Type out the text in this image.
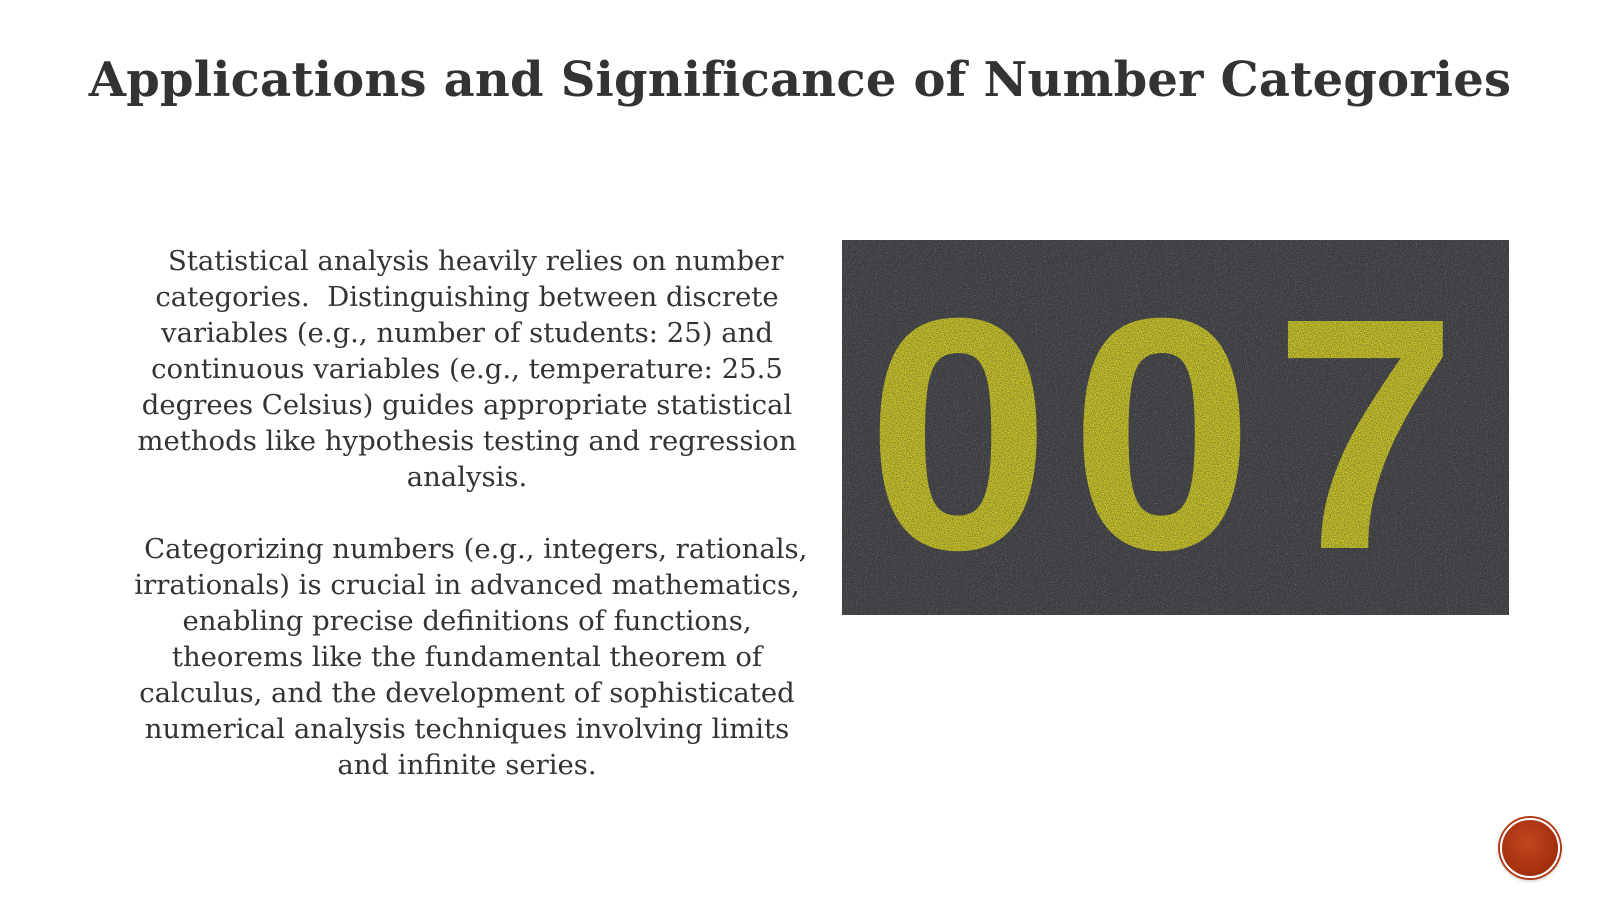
Applications and Significance of Number Categories

Statistical analysis heavily relies on number categories.  Distinguishing between discrete variables (e.g., number of students: 25) and continuous variables (e.g., temperature: 25.5 degrees Celsius) guides appropriate statistical methods like hypothesis testing and regression analysis.

Categorizing numbers (e.g., integers, rationals, irrationals) is crucial in advanced mathematics, enabling precise definitions of functions, theorems like the fundamental theorem of calculus, and the development of sophisticated numerical analysis techniques involving limits and infinite series.

007
